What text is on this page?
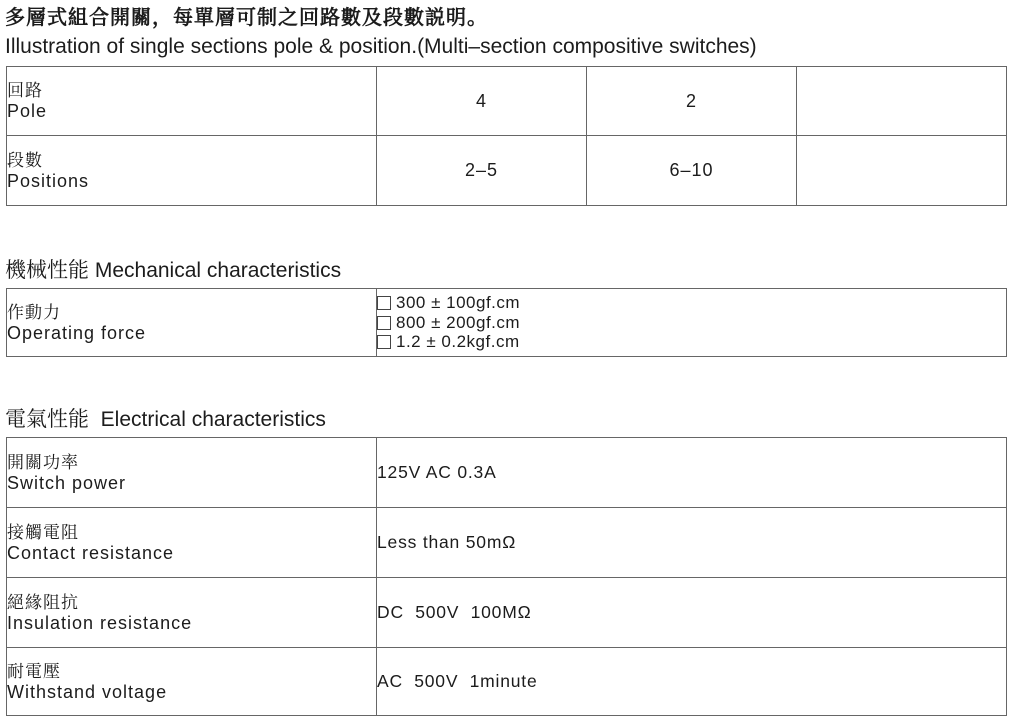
多層式組合開關，每單層可制之回路數及段數説明。
Illustration of single sections pole & position.(Multi–section compositive switches)
回路
Pole	4	2	

段數
Positions	2–5	6–10	
機械性能 Mechanical characteristics
作動力
Operating force

300 ± 100gf.cm
800 ± 200gf.cm
1.2 ± 0.2kgf.cm
電氣性能 Electrical characteristics
開關功率
Switch power	125V AC 0.3A

接觸電阻
Contact resistance	Less than 50mΩ

絕緣阻抗
Insulation resistance	DC  500V  100MΩ

耐電壓
Withstand voltage	AC  500V  1minute
